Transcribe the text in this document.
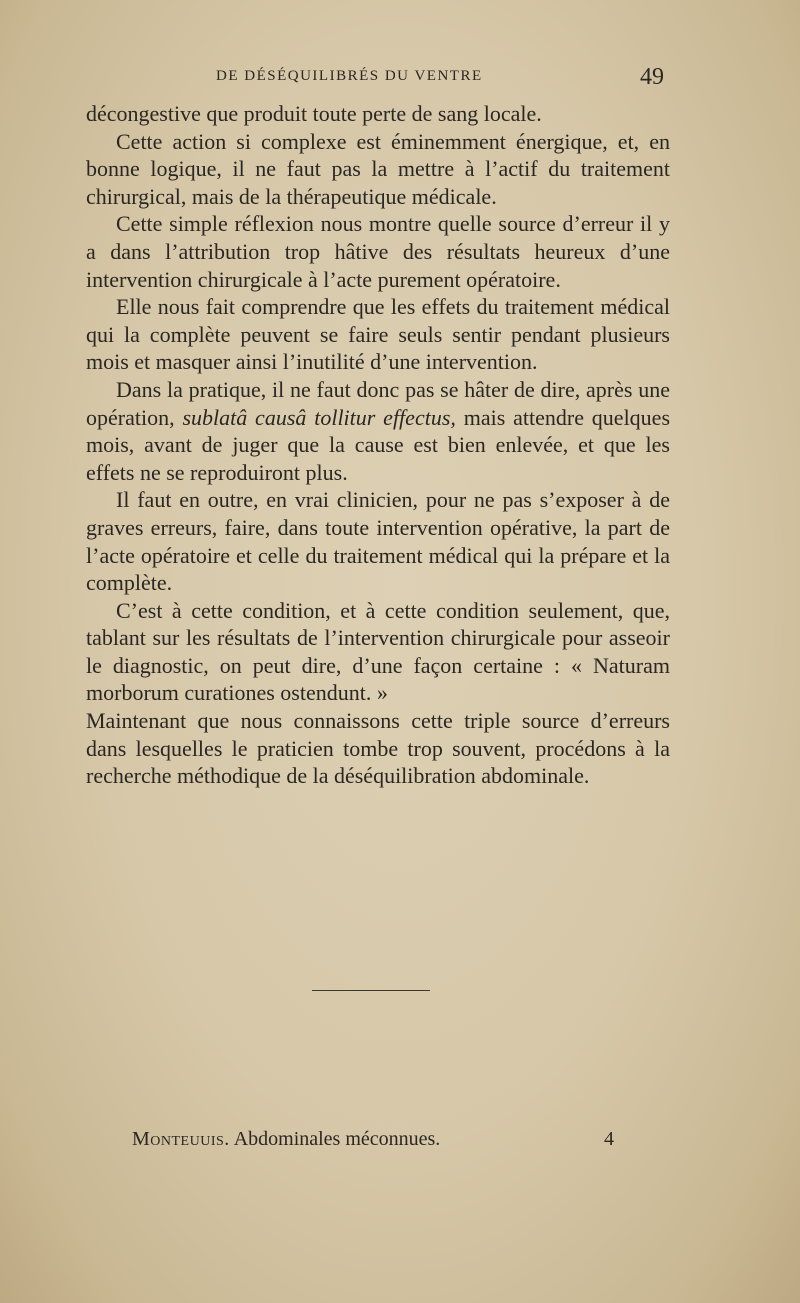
DE DÉSÉQUILIBRÉS DU VENTRE	49

décongestive que produit toute perte de sang locale.

Cette action si complexe est éminemment énergique, et, en bonne logique, il ne faut pas la mettre à l’actif du traitement chirurgical, mais de la thérapeutique médicale.

Cette simple réflexion nous montre quelle source d’erreur il y a dans l’attribution trop hâtive des résultats heureux d’une intervention chirurgicale à l’acte purement opératoire.

Elle nous fait comprendre que les effets du traitement médical qui la complète peuvent se faire seuls sentir pendant plusieurs mois et masquer ainsi l’inutilité d’une intervention.

Dans la pratique, il ne faut donc pas se hâter de dire, après une opération, sublatâ causâ tollitur effectus, mais attendre quelques mois, avant de juger que la cause est bien enlevée, et que les effets ne se reproduiront plus.

Il faut en outre, en vrai clinicien, pour ne pas s’exposer à de graves erreurs, faire, dans toute intervention opérative, la part de l’acte opératoire et celle du traitement médical qui la prépare et la complète.

C’est à cette condition, et à cette condition seulement, que, tablant sur les résultats de l’intervention chirurgicale pour asseoir le diagnostic, on peut dire, d’une façon certaine : « Naturam morborum curationes ostendunt. »

Maintenant que nous connaissons cette triple source d’erreurs dans lesquelles le praticien tombe trop souvent, procédons à la recherche méthodique de la déséquilibration abdominale.

Monteuuis. Abdominales méconnues.	4
